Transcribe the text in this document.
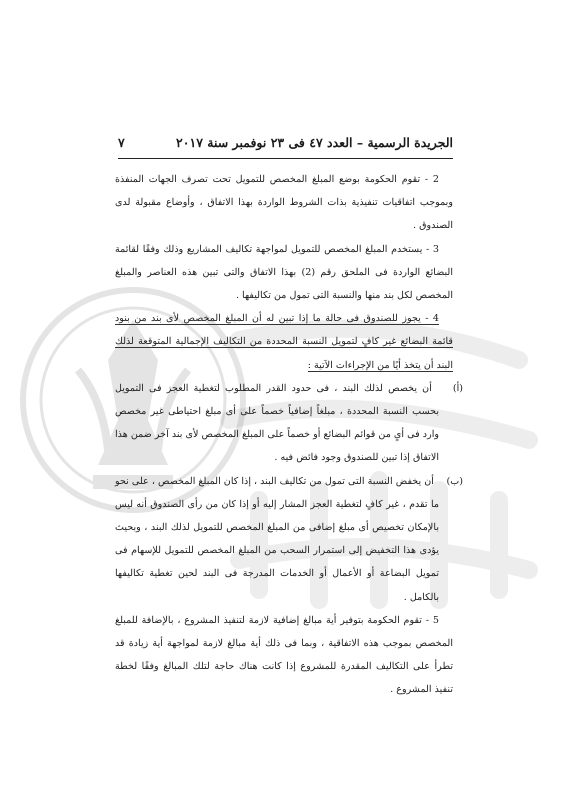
الجريدة الرسمية – العدد ٤٧ فى ٢٣ نوفمبر سنة ٢٠١٧
٧

2 - تقوم الحكومة بوضع المبلغ المخصص للتمويل تحت تصرف الجهات المنفذة وبموجب اتفاقيات تنفيذية بذات الشروط الواردة بهذا الاتفاق ، وأوضاع مقبولة لدى الصندوق .

3 - يستخدم المبلغ المخصص للتمويل لمواجهة تكاليف المشاريع وذلك وفقًا لقائمة البضائع الواردة فى الملحق رقم (2) بهذا الاتفاق والتى تبين هذه العناصر والمبلغ المخصص لكل بند منها والنسبة التى تمول من تكاليفها .

4 - يجوز للصندوق فى حالة ما إذا تبين له أن المبلغ المخصص لأى بند من بنود قائمة البضائع غير كافٍ لتمويل النسبة المحددة من التكاليف الإجمالية المتوقعة لذلك البند أن يتخذ أيًا من الإجراءات الآتية :

(أ) أن يخصص لذلك البند ، فى حدود القدر المطلوب لتغطية العجز فى التمويل بحسب النسبة المحددة ، مبلغاً إضافياً خصماً على أى مبلغ احتياطى غير مخصص وارد فى أىٍ من قوائم البضائع أو خصماً على المبلغ المخصص لأى بند آخر ضمن هذا الاتفاق إذا تبين للصندوق وجود فائض فيه .

(ب) أن يخفض النسبة التى تمول من تكاليف البند ، إذا كان المبلغ المخصص ، على نحو ما تقدم ، غير كافٍ لتغطية العجز المشار إليه أو إذا كان من رأى الصندوق أنه ليس بالإمكان تخصيص أى مبلغ إضافى من المبلغ المخصص للتمويل لذلك البند ، وبحيث يؤدى هذا التخفيض إلى استمرار السحب من المبلغ المخصص للتمويل للإسهام فى تمويل البضاعة أو الأعمال أو الخدمات المدرجة فى البند لحين تغطية تكاليفها بالكامل .

5 - تقوم الحكومة بتوفير أية مبالغ إضافية لازمة لتنفيذ المشروع ، بالإضافة للمبلغ المخصص بموجب هذه الاتفاقية ، وبما فى ذلك أية مبالغ لازمة لمواجهة أية زيادة قد تطرأ على التكاليف المقدرة للمشروع إذا كانت هناك حاجة لتلك المبالغ وفقًا لخطة تنفيذ المشروع .
